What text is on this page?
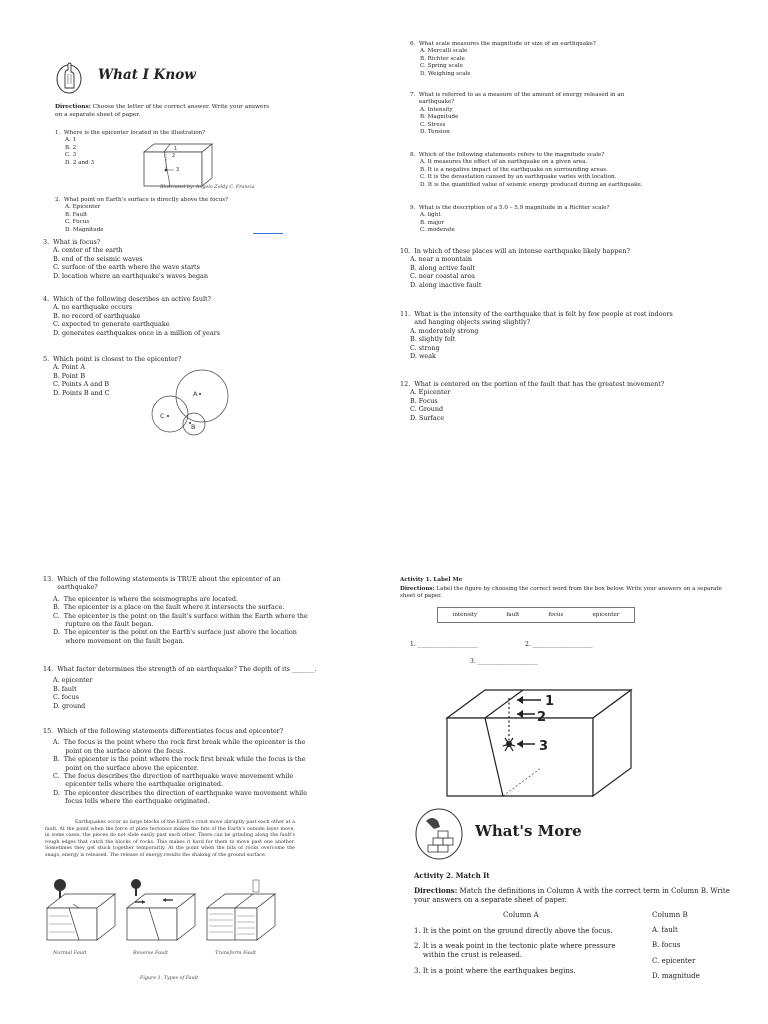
What I Know
Directions: Choose the letter of the correct answer. Write your answers on a separate sheet of paper.
1.  Where is the epicenter located in the illustration?
A. 1
B. 2
C. 3
D. 2 and 3
1
2
3
Illustrated by: Angelo Zoldy C. Francia
2.  What point on Earth's surface is directly above the focus?
A. Epicenter
B. Fault
C. Focus
D. Magnitude
3.  What is focus?
A. center of the earth
B. end of the seismic waves
C. surface of the earth where the wave starts
D. location where an earthquake's waves began
4.  Which of the following describes an active fault?
A. no earthquake occurs
B. no record of earthquake
C. expected to generate earthquake
D. generates earthquakes once in a million of years
5.  Which point is closest to the epicenter?
A. Point A
B. Point B
C. Points A and B
D. Points B and C	A
B
C
6.  What scale measures the magnitude or size of an earthquake?
A. Mercalli scale
B. Richter scale
C. Spring scale
D. Weighing scale
7.  What is referred to as a measure of the amount of energy released in an
earthquake?
A. Intensity
B. Magnitude
C. Stress
D. Tension
8.  Which of the following statements refers to the magnitude scale?
A. It measures the effect of an earthquake on a given area.
B. It is a negative impact of the earthquake on surrounding areas.
C. It is the devastation caused by an earthquake varies with location.
D. It is the quantified value of seismic energy produced during an earthquake.
9.  What is the description of a 5.0 – 5.9 magnitude in a Richter scale?
A. light
B. major
C. moderate
10.  In which of these places will an intense earthquake likely happen?
A. near a mountain
B. along active fault
C. near coastal area
D. along inactive fault
11.  What is the intensity of the earthquake that is felt by few people at rest indoors
and hanging objects swing slightly?
A. moderately strong
B. slightly felt
C. strong
D. weak
12.  What is centered on the portion of the fault that has the greatest movement?
A. Epicenter
B. Focus
C. Ground
D. Surface
13.  Which of the following statements is TRUE about the epicenter of an
earthquake?
A.  The epicenter is where the seismographs are located.
B.  The epicenter is a place on the fault where it intersects the surface.
C.  The epicenter is the point on the fault's surface within the Earth where the
rupture on the fault began.
D.  The epicenter is the point on the Earth's surface just above the location
where movement on the fault began.
14.  What factor determines the strength of an earthquake? The depth of its _______.
A. epicenter
B. fault
C. focus
D. ground
15.  Which of the following statements differentiates focus and epicenter?
A.  The focus is the point where the rock first break while the epicenter is the
point on the surface above the focus.
B.  The epicenter is the point where the rock first break while the focus is the
point on the surface above the epicenter.
C.  The focus describes the direction of earthquake wave movement while
epicenter tells where the earthquake originated.
D.  The epicenter describes the direction of earthquake wave movement while
focus tells where the earthquake originated.
Earthquakes occur as large blocks of the Earth's crust move abruptly past each other at a fault. At the point when the force of plate tectonics makes the bits of the Earth's outside layer move, in some cases, the pieces do not slide easily past each other. There can be grinding along the fault's rough edges that catch the blocks of rocks. This makes it hard for them to move past one another. Sometimes they get stuck together temporarily. At the point when the bits of rocks overcome the snags, energy is released. The release of energy results the shaking of the ground surface.
Normal Fault	Reverse Fault	Transform Fault
Figure 1. Types of Fault
Activity 1. Label Me
Directions: Label the figure by choosing the correct word from the box below. Write your answers on a separate sheet of paper.
intensity	fault	focus	epicenter
1. ____________________	2. ____________________
3. ____________________
1
2
3
What's More
Activity 2. Match It
Directions: Match the definitions in Column A with the correct term in Column B. Write your answers on a separate sheet of paper.
Column A	Column B
1. It is the point on the ground directly above the focus.
2. It is a weak point in the tectonic plate where pressure
within the crust is released.
3. It is a point where the earthquakes begins.
A. fault
B. focus
C. epicenter
D. magnitude
